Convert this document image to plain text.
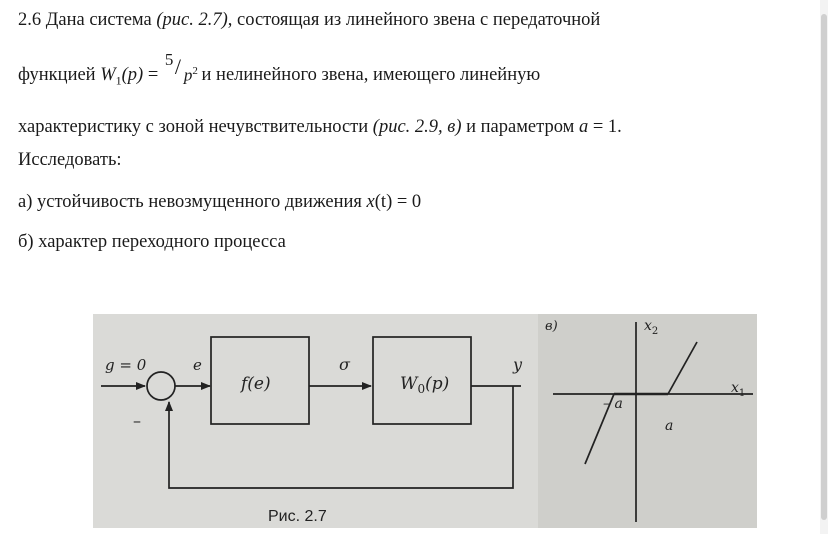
2.6 Дана система (рис. 2.7), состоящая из линейного звена с передаточной
функцией $W_1(p)$ =
$5 / p^2$ и нелинейного звена, имеющего линейную
характеристику с зоной нечувствительности (рис. 2.9, в) и параметром a = 1.
Исследовать:
а) устойчивость невозмущенного движения x(t) = 0
б) характер переходного процесса
g = 0	e
–
f(e)
σ
$W_0(p)$
y
Рис. 2.7
в)	$x_2$
$x_1$
– a
a
